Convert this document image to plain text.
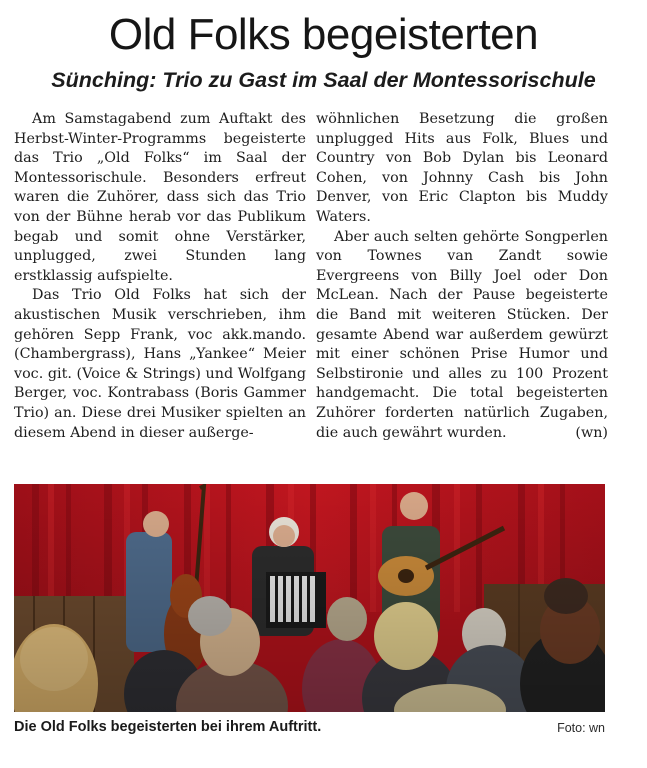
Old Folks begeisterten
Sünching: Trio zu Gast im Saal der Montessorischule

Am Samstagabend zum Auftakt des Herbst-Winter-Programms begeisterte das Trio „Old Folks“ im Saal der Montessorischule. Besonders erfreut waren die Zuhörer, dass sich das Trio von der Bühne herab vor das Publikum begab und somit ohne Verstärker, unplugged, zwei Stunden lang erstklassig aufspielte.

Das Trio Old Folks hat sich der akustischen Musik verschrieben, ihm gehören Sepp Frank, voc akk.mando.(Chambergrass), Hans „Yankee“ Meier voc. git. (Voice & Strings) und Wolfgang Berger, voc. Kontrabass (Boris Gammer Trio) an. Diese drei Musiker spielten an diesem Abend in dieser außerge-

wöhnlichen Besetzung die großen unplugged Hits aus Folk, Blues und Country von Bob Dylan bis Leonard Cohen, von Johnny Cash bis John Denver, von Eric Clapton bis Muddy Waters.

Aber auch selten gehörte Songperlen von Townes van Zandt sowie Evergreens von Billy Joel oder Don McLean. Nach der Pause begeisterte die Band mit weiteren Stücken. Der gesamte Abend war außerdem gewürzt mit einer schönen Prise Humor und Selbstironie und alles zu 100 Prozent handgemacht. Die total begeisterten Zuhörer forderten natürlich Zugaben, die auch gewährt wurden.	(wn)

Die Old Folks begeisterten bei ihrem Auftritt.	Foto: wn
